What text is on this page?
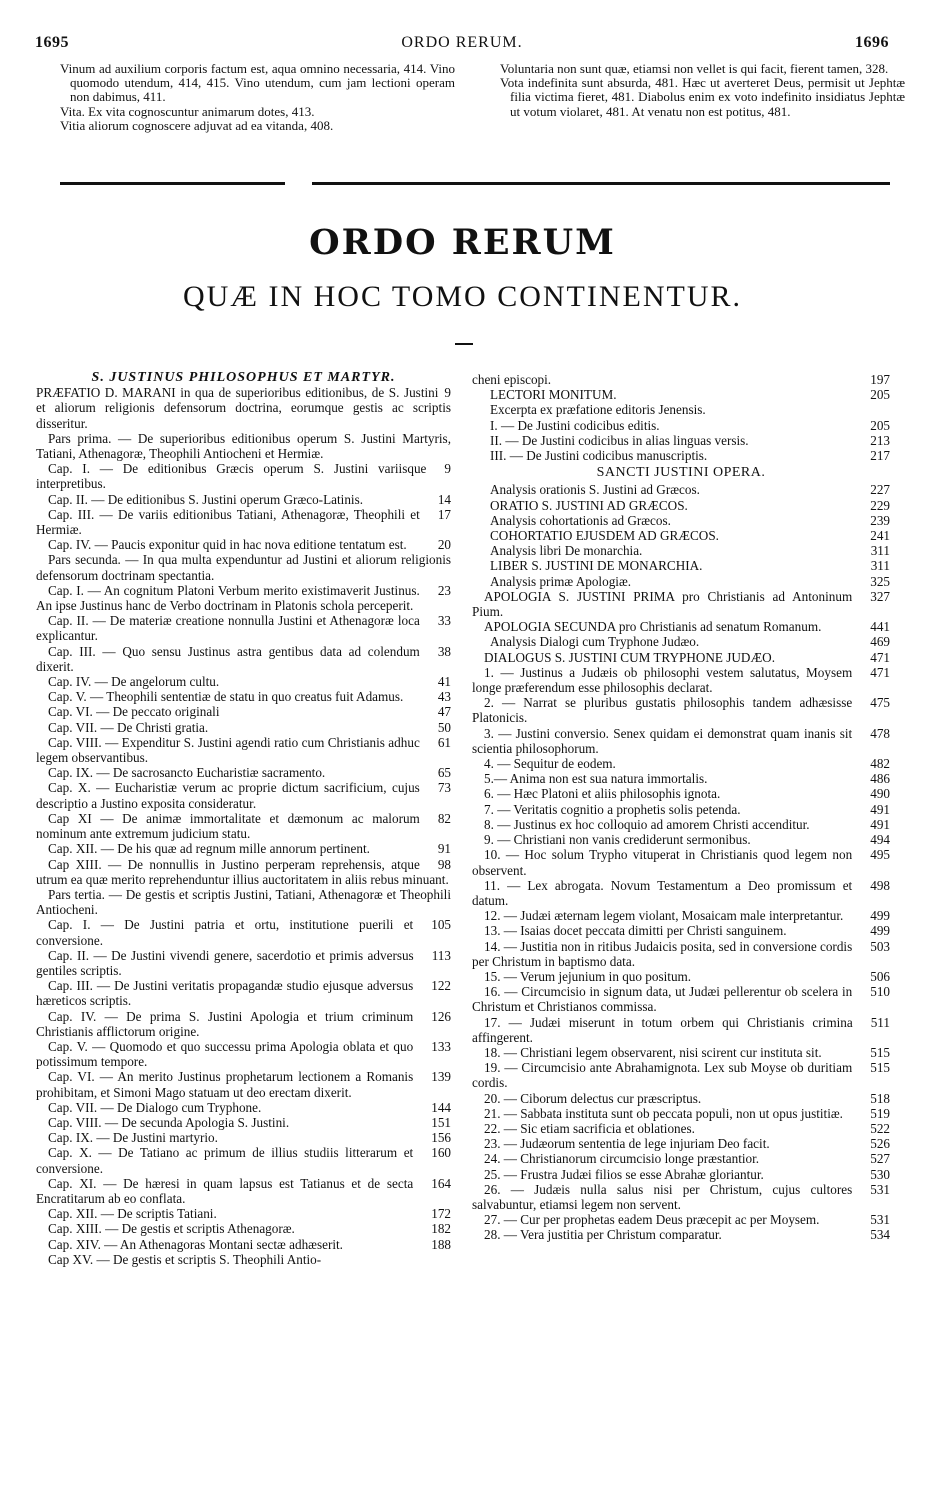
1695	ORDO RERUM.	1696

Vinum ad auxilium corporis factum est, aqua omnino necessaria, 414. Vino quomodo utendum, 414, 415. Vino utendum, cum jam lectioni operam non dabimus, 411.

Vita. Ex vita cognoscuntur animarum dotes, 413.

Vitia aliorum cognoscere adjuvat ad ea vitanda, 408.

Voluntaria non sunt quæ, etiamsi non vellet is qui facit, fierent tamen, 328.

Vota indefinita sunt absurda, 481. Hæc ut averteret Deus, permisit ut Jephtæ filia victima fieret, 481. Diabolus enim ex voto indefinito insidiatus Jephtæ ut votum violaret, 481. At venatu non est potitus, 481.

ORDO RERUM
QUÆ IN HOC TOMO CONTINENTUR.
S. JUSTINUS PHILOSOPHUS ET MARTYR.
9
PRÆFATIO D. MARANI in qua de superioribus editionibus, de S. Justini et aliorum religionis defensorum doctrina, eorumque gestis ac scriptis disseritur.
Pars prima. — De superioribus editionibus operum S. Justini Martyris, Tatiani, Athenagoræ, Theophili Antiocheni et Hermiæ.
9
Cap. I. — De editionibus Græcis operum S. Justini variisque interpretibus.
14
Cap. II. — De editionibus S. Justini operum Græco-Latinis.
17
Cap. III. — De variis editionibus Tatiani, Athenagoræ, Theophili et Hermiæ.
20
Cap. IV. — Paucis exponitur quid in hac nova editione tentatum est.
Pars secunda. — In qua multa expenduntur ad Justini et aliorum religionis defensorum doctrinam spectantia.
23
Cap. I. — An cognitum Platoni Verbum merito existimaverit Justinus. An ipse Justinus hanc de Verbo doctrinam in Platonis schola perceperit.
33
Cap. II. — De materiæ creatione nonnulla Justini et Athenagoræ loca explicantur.
38
Cap. III. — Quo sensu Justinus astra gentibus data ad colendum dixerit.
41
Cap. IV. — De angelorum cultu.
43
Cap. V. — Theophili sententiæ de statu in quo creatus fuit Adamus.
47
Cap. VI. — De peccato originali
50
Cap. VII. — De Christi gratia.
61
Cap. VIII. — Expenditur S. Justini agendi ratio cum Christianis adhuc legem observantibus.
65
Cap. IX. — De sacrosancto Eucharistiæ sacramento.
73
Cap. X. — Eucharistiæ verum ac proprie dictum sacrificium, cujus descriptio a Justino exposita consideratur.
82
Cap XI — De animæ immortalitate et dæmonum ac malorum nominum ante extremum judicium statu.
91
Cap. XII. — De his quæ ad regnum mille annorum pertinent.
98
Cap XIII. — De nonnullis in Justino perperam reprehensis, atque utrum ea quæ merito reprehenduntur illius auctoritatem in aliis rebus minuant.
Pars tertia. — De gestis et scriptis Justini, Tatiani, Athenagoræ et Theophili Antiocheni.
105
Cap. I. — De Justini patria et ortu, institutione puerili et conversione.
113
Cap. II. — De Justini vivendi genere, sacerdotio et primis adversus gentiles scriptis.
122
Cap. III. — De Justini veritatis propagandæ studio ejusque adversus hæreticos scriptis.
126
Cap. IV. — De prima S. Justini Apologia et trium criminum Christianis afflictorum origine.
133
Cap. V. — Quomodo et quo successu prima Apologia oblata et quo potissimum tempore.
139
Cap. VI. — An merito Justinus prophetarum lectionem a Romanis prohibitam, et Simoni Mago statuam ut deo erectam dixerit.
144
Cap. VII. — De Dialogo cum Tryphone.
151
Cap. VIII. — De secunda Apologia S. Justini.
156
Cap. IX. — De Justini martyrio.
160
Cap. X. — De Tatiano ac primum de illius studiis litterarum et conversione.
164
Cap. XI. — De hæresi in quam lapsus est Tatianus et de secta Encratitarum ab eo conflata.
172
Cap. XII. — De scriptis Tatiani.
182
Cap. XIII. — De gestis et scriptis Athenagoræ.
188
Cap. XIV. — An Athenagoras Montani sectæ adhæserit.
Cap XV. — De gestis et scriptis S. Theophili Antio-
197
cheni episcopi.
205
LECTORI MONITUM.
Excerpta ex præfatione editoris Jenensis.
205
I. — De Justini codicibus editis.
213
II. — De Justini codicibus in alias linguas versis.
217
III. — De Justini codicibus manuscriptis.
SANCTI JUSTINI OPERA.
227
Analysis orationis S. Justini ad Græcos.
229
ORATIO S. JUSTINI AD GRÆCOS.
239
Analysis cohortationis ad Græcos.
241
COHORTATIO EJUSDEM AD GRÆCOS.
311
Analysis libri De monarchia.
311
LIBER S. JUSTINI DE MONARCHIA.
325
Analysis primæ Apologiæ.
327
APOLOGIA S. JUSTINI PRIMA pro Christianis ad Antoninum Pium.
441
APOLOGIA SECUNDA pro Christianis ad senatum Romanum.
469
Analysis Dialogi cum Tryphone Judæo.
471
DIALOGUS S. JUSTINI CUM TRYPHONE JUDÆO.
471
1. — Justinus a Judæis ob philosophi vestem salutatus, Moysem longe præferendum esse philosophis declarat.
475
2. — Narrat se pluribus gustatis philosophis tandem adhæsisse Platonicis.
478
3. — Justini conversio. Senex quidam ei demonstrat quam inanis sit scientia philosophorum.
482
4. — Sequitur de eodem.
486
5.— Anima non est sua natura immortalis.
490
6. — Hæc Platoni et aliis philosophis ignota.
491
7. — Veritatis cognitio a prophetis solis petenda.
491
8. — Justinus ex hoc colloquio ad amorem Christi accenditur.
494
9. — Christiani non vanis crediderunt sermonibus.
495
10. — Hoc solum Trypho vituperat in Christianis quod legem non observent.
498
11. — Lex abrogata. Novum Testamentum a Deo promissum et datum.
499
12. — Judæi æternam legem violant, Mosaicam male interpretantur.
499
13. — Isaias docet peccata dimitti per Christi sanguinem.
503
14. — Justitia non in ritibus Judaicis posita, sed in conversione cordis per Christum in baptismo data.
506
15. — Verum jejunium in quo positum.
510
16. — Circumcisio in signum data, ut Judæi pellerentur ob scelera in Christum et Christianos commissa.
511
17. — Judæi miserunt in totum orbem qui Christianis crimina affingerent.
515
18. — Christiani legem observarent, nisi scirent cur instituta sit.
515
19. — Circumcisio ante Abrahamignota. Lex sub Moyse ob duritiam cordis.
518
20. — Ciborum delectus cur præscriptus.
519
21. — Sabbata instituta sunt ob peccata populi, non ut opus justitiæ.
522
22. — Sic etiam sacrificia et oblationes.
526
23. — Judæorum sententia de lege injuriam Deo facit.
527
24. — Christianorum circumcisio longe præstantior.
530
25. — Frustra Judæi filios se esse Abrahæ gloriantur.
531
26. — Judæis nulla salus nisi per Christum, cujus cultores salvabuntur, etiamsi legem non servent.
531
27. — Cur per prophetas eadem Deus præcepit ac per Moysem.
534
28. — Vera justitia per Christum comparatur.
